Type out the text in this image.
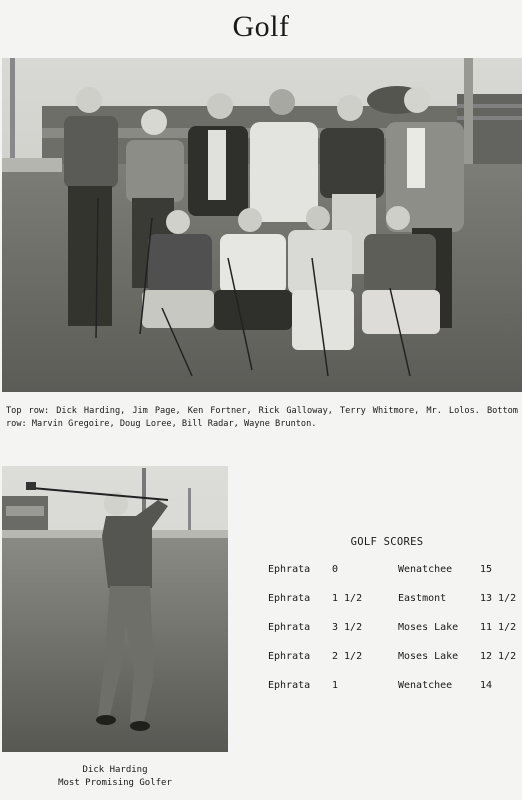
Golf
Top row: Dick Harding, Jim Page, Ken Fortner, Rick Galloway, Terry Whitmore, Mr. Lolos. Bottom row: Marvin Gregoire, Doug Loree, Bill Radar, Wayne Brunton.
Dick Harding
Most Promising Golfer
GOLF SCORES
Ephrata 0	Wenatchee	15
Ephrata 1 1/2	Eastmont	13 1/2
Ephrata 3 1/2	Moses Lake 11 1/2
Ephrata 2 1/2	Moses Lake 12 1/2
Ephrata 1	Wenatchee	14
